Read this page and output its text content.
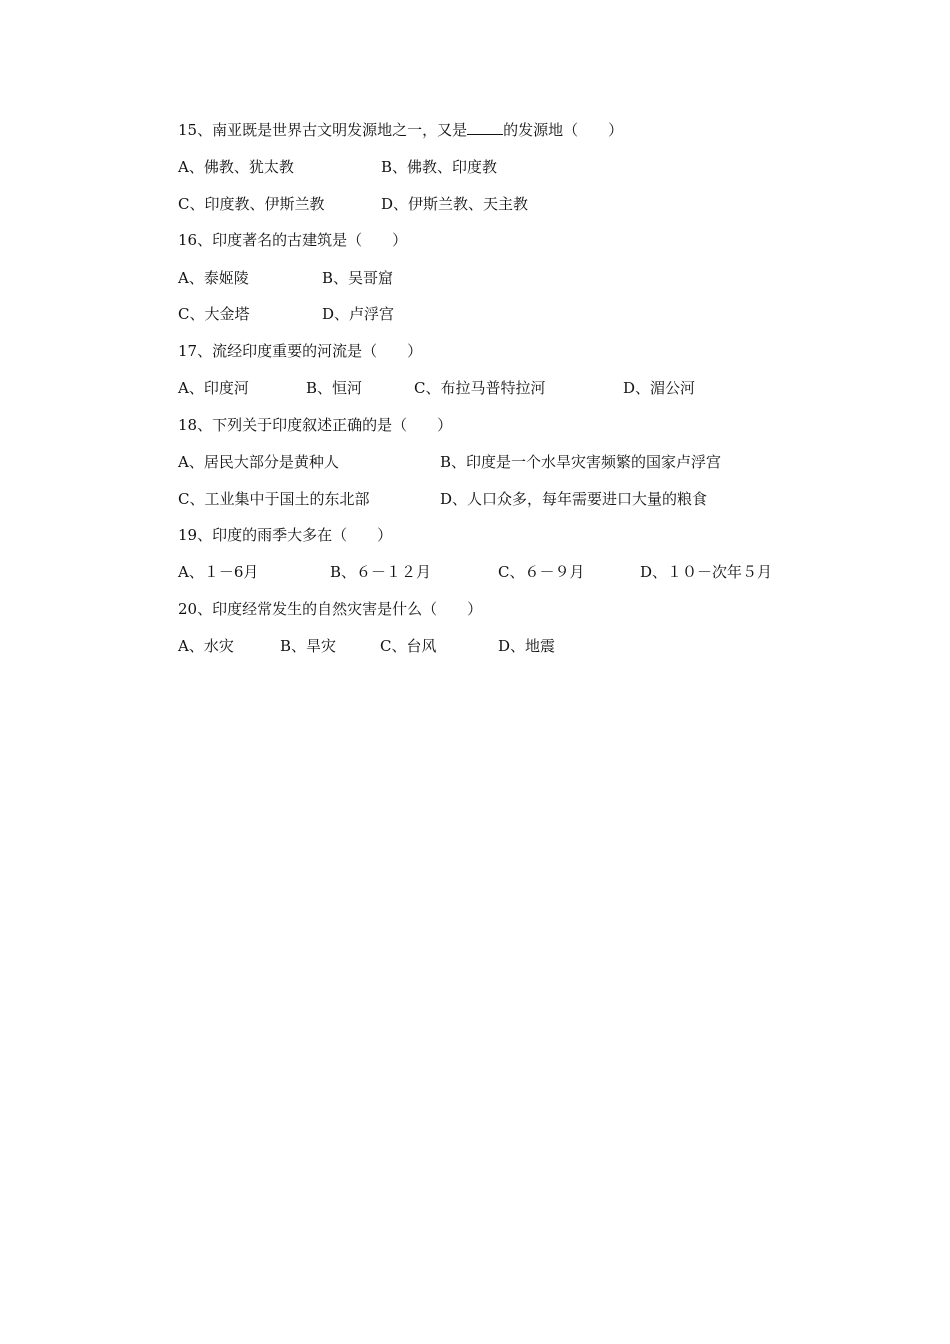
15、南亚既是世界古文明发源地之一，又是 的发源地（　　）
A、佛教、犹太教	B、佛教、印度教
C、印度教、伊斯兰教	D、伊斯兰教、天主教
16、印度著名的古建筑是（　　）
A、泰姬陵	B、吴哥窟
C、大金塔	D、卢浮宫
17、流经印度重要的河流是（　　）
A、印度河	B、恒河	C、布拉马普特拉河	D、湄公河
18、下列关于印度叙述正确的是（　　）
A、居民大部分是黄种人	B、印度是一个水旱灾害频繁的国家卢浮宫
C、工业集中于国土的东北部	D、人口众多，每年需要进口大量的粮食
19、印度的雨季大多在（　　）
A、１－6月	B、６－１２月	C、６－９月	D、１０－次年５月
20、印度经常发生的自然灾害是什么（　　）
A、水灾	B、旱灾	C、台风	D、地震
